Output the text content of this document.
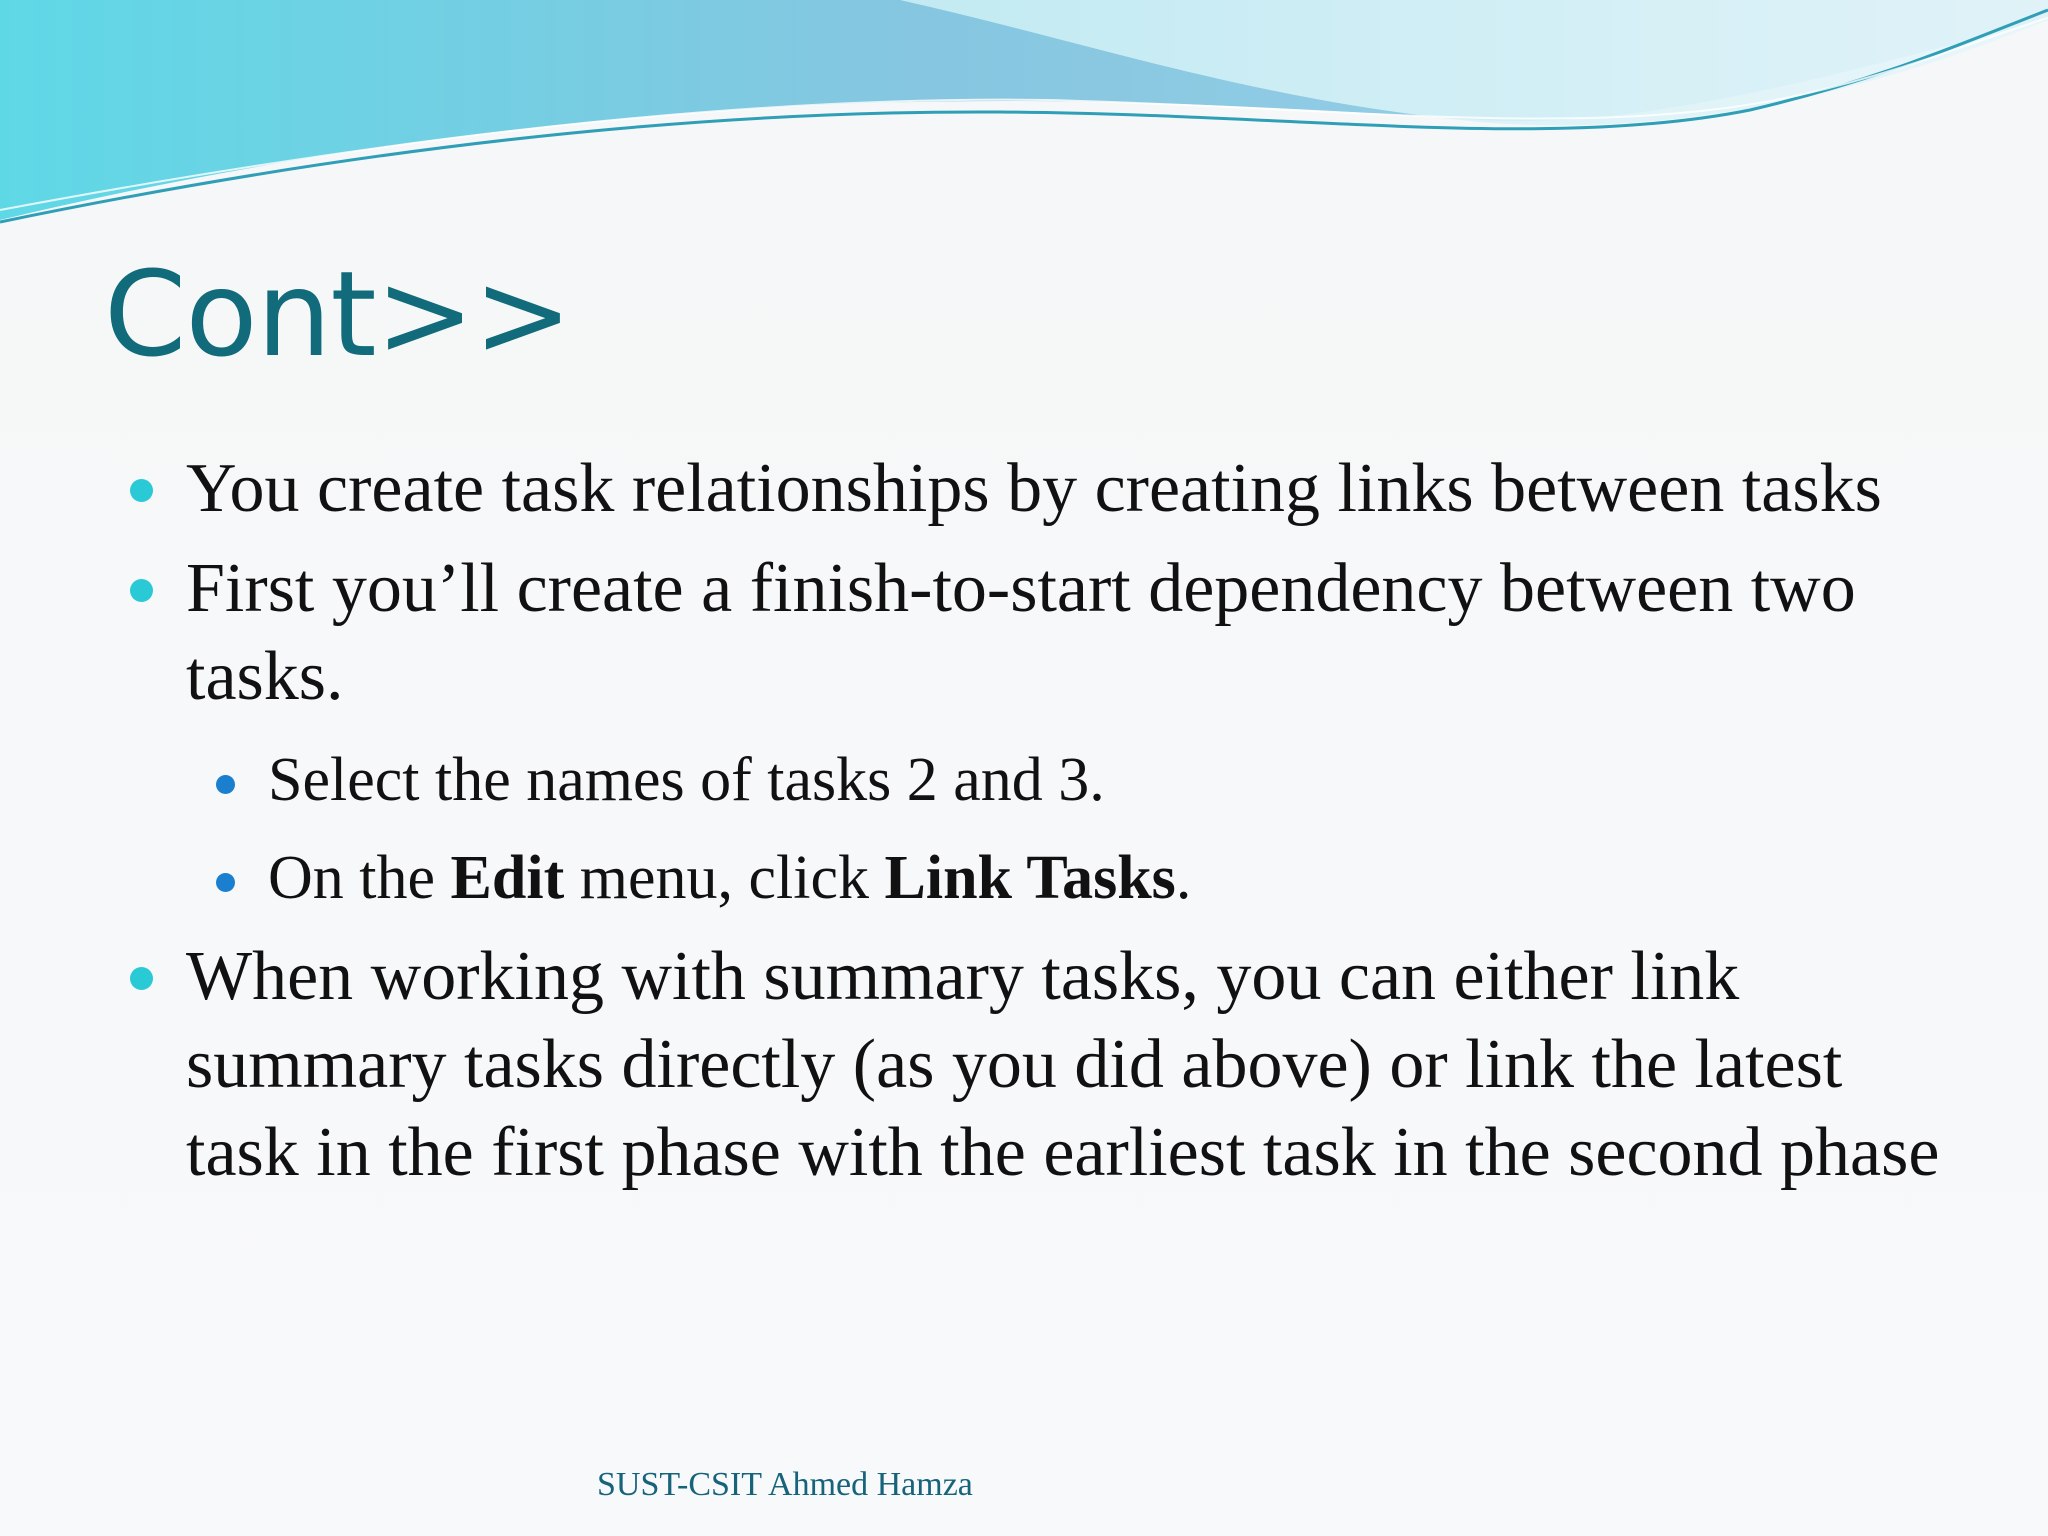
Cont>>
You create task relationships by creating links between tasks
First you’ll create a finish-to-start dependency between two tasks.
Select the names of tasks 2 and 3.
On the Edit menu, click Link Tasks.
When working with summary tasks, you can either link summary tasks directly (as you did above) or link the latest task in the first phase with the earliest task in the second phase
SUST-CSIT Ahmed Hamza
